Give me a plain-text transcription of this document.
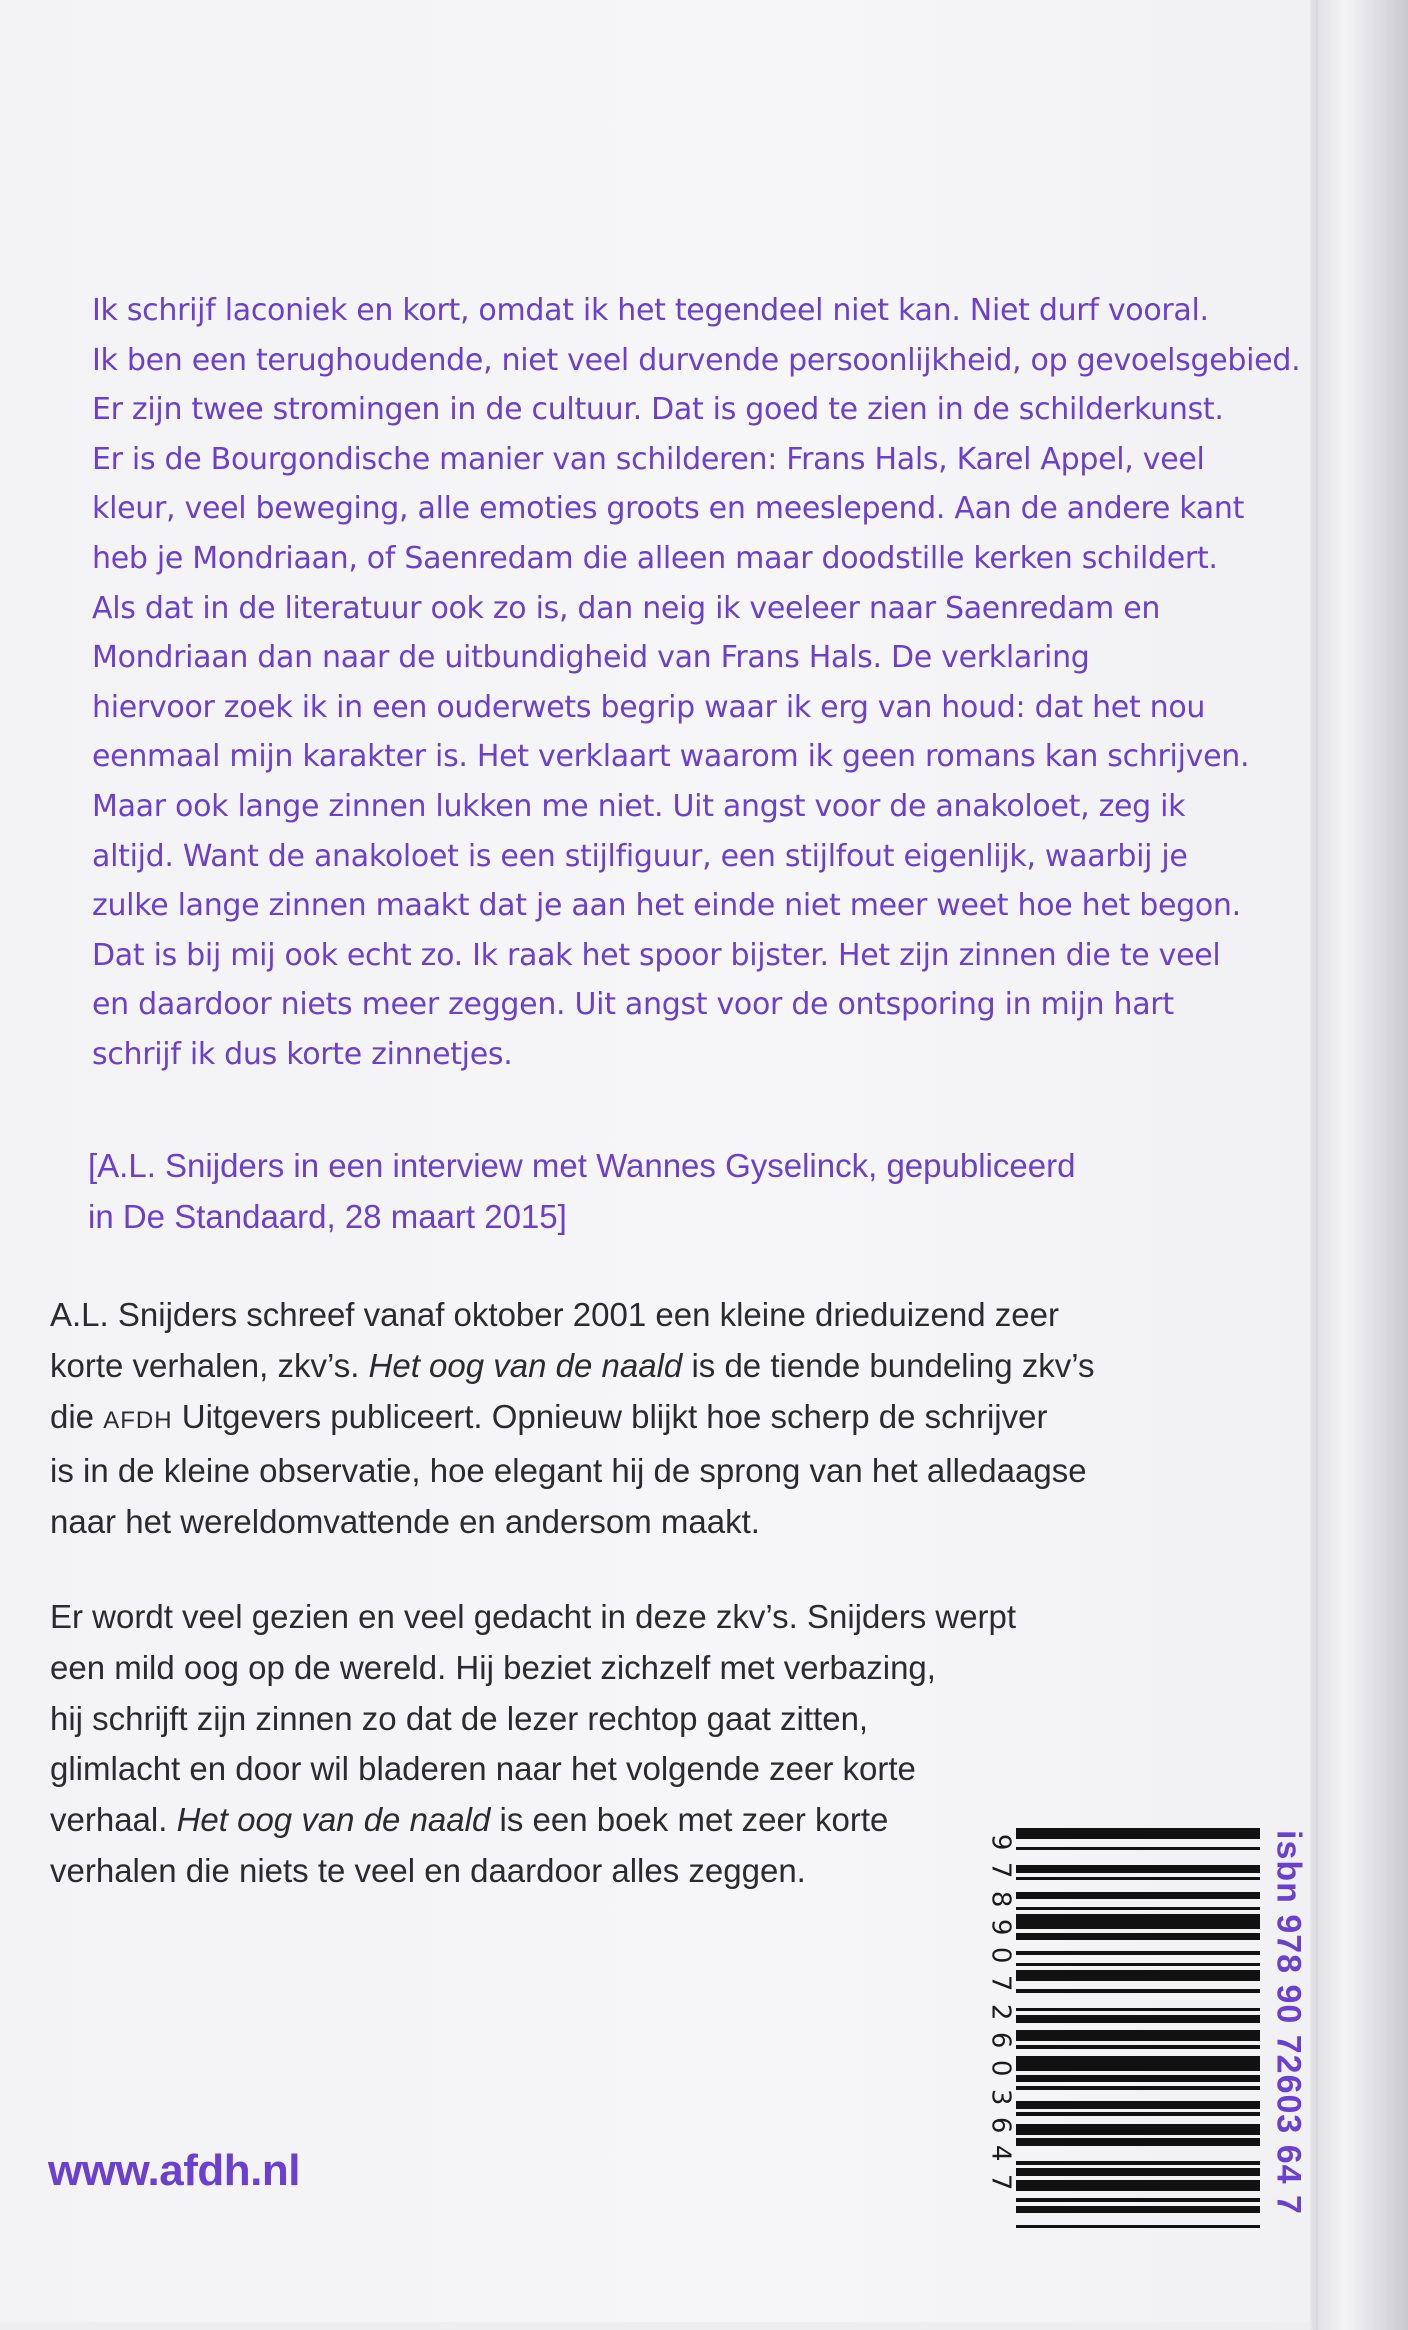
Ik schrijf laconiek en kort, omdat ik het tegendeel niet kan. Niet durf vooral.
Ik ben een terughoudende, niet veel durvende persoonlijkheid, op gevoelsgebied.
Er zijn twee stromingen in de cultuur. Dat is goed te zien in de schilderkunst.
Er is de Bourgondische manier van schilderen: Frans Hals, Karel Appel, veel
kleur, veel beweging, alle emoties groots en meeslepend. Aan de andere kant
heb je Mondriaan, of Saenredam die alleen maar doodstille kerken schildert.
Als dat in de literatuur ook zo is, dan neig ik veeleer naar Saenredam en
Mondriaan dan naar de uitbundigheid van Frans Hals. De verklaring
hiervoor zoek ik in een ouderwets begrip waar ik erg van houd: dat het nou
eenmaal mijn karakter is. Het verklaart waarom ik geen romans kan schrijven.
Maar ook lange zinnen lukken me niet. Uit angst voor de anakoloet, zeg ik
altijd. Want de anakoloet is een stijlfiguur, een stijlfout eigenlijk, waarbij je
zulke lange zinnen maakt dat je aan het einde niet meer weet hoe het begon.
Dat is bij mij ook echt zo. Ik raak het spoor bijster. Het zijn zinnen die te veel
en daardoor niets meer zeggen. Uit angst voor de ontsporing in mijn hart
schrijf ik dus korte zinnetjes.
[A.L. Snijders in een interview met Wannes Gyselinck, gepubliceerd
in De Standaard, 28 maart 2015]
A.L. Snijders schreef vanaf oktober 2001 een kleine drieduizend zeer
korte verhalen, zkv’s. Het oog van de naald is de tiende bundeling zkv’s
die AFDH Uitgevers publiceert. Opnieuw blijkt hoe scherp de schrijver
is in de kleine observatie, hoe elegant hij de sprong van het alledaagse
naar het wereldomvattende en andersom maakt.
Er wordt veel gezien en veel gedacht in deze zkv’s. Snijders werpt
een mild oog op de wereld. Hij beziet zichzelf met verbazing,
hij schrijft zijn zinnen zo dat de lezer rechtop gaat zitten,
glimlacht en door wil bladeren naar het volgende zeer korte
verhaal. Het oog van de naald is een boek met zeer korte
verhalen die niets te veel en daardoor alles zeggen.
www.afdh.nl
9
7
8
9
0
7
2
6
0
3
6
4
7	isbn 978 90 72603 64 7
